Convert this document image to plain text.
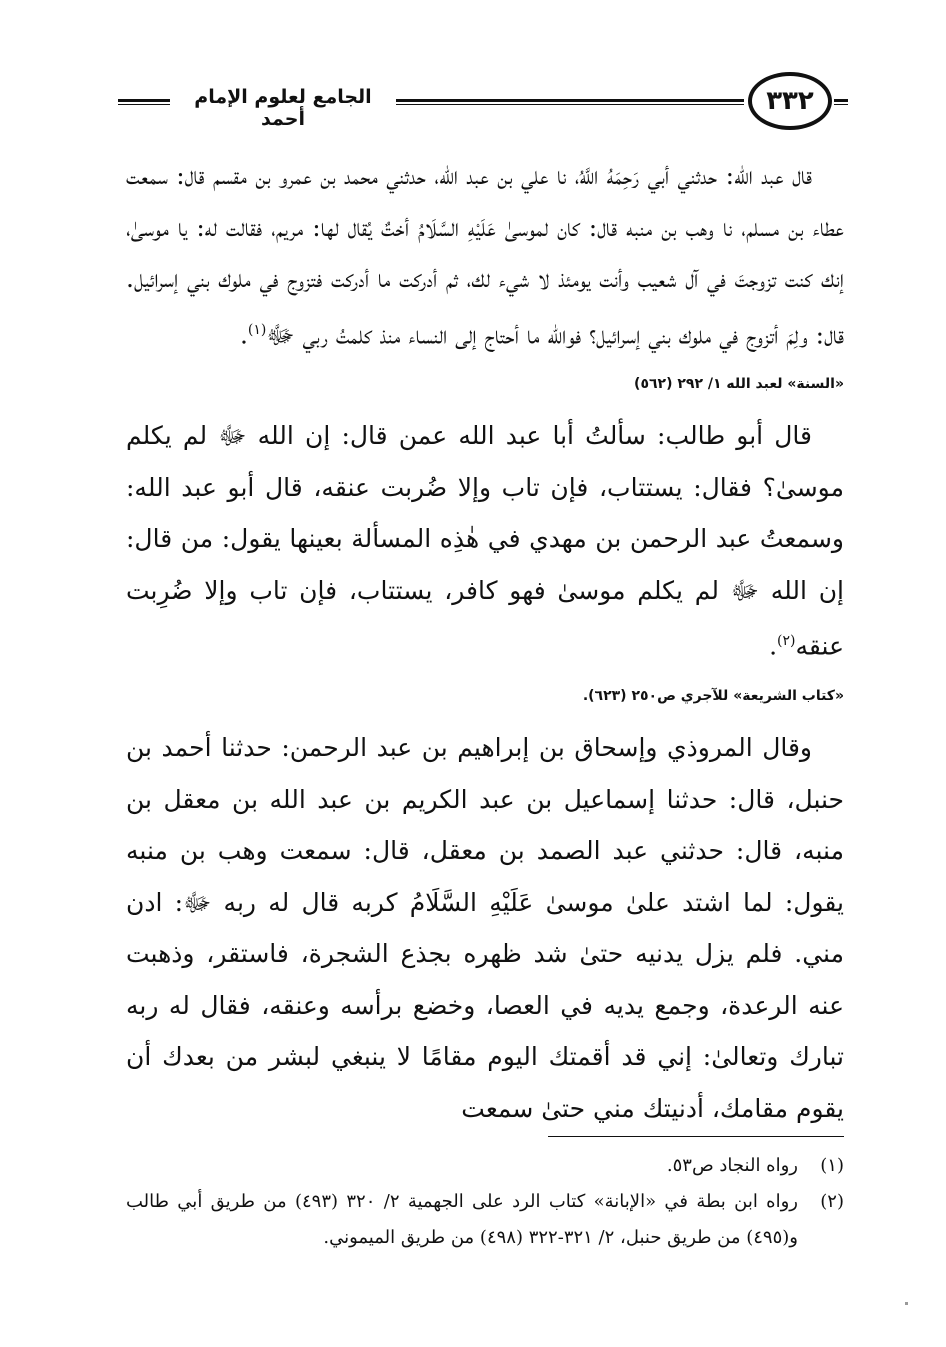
الجامع لعلوم الإمام أحمد
٣٣٢

قال عبد الله: حدثني أبي رَحِمَهُ اللَّهُ، نا علي بن عبد الله، حدثني محمد بن عمرو بن مقسم قال: سمعت عطاء بن مسلم، نا وهب بن منبه قال: كان لموسىٰ عَلَيْهِ السَّلَامُ أختٌ يُقال لها: مريم، فقالت له: يا موسىٰ، إنك كنت تزوجتَ في آل شعيب وأنت يومئذ لا شيء لك، ثم أدركت ما أدركت فتزوج في ملوك بني إسرائيل. قال: ولِمَ أتزوج في ملوك بني إسرائيل؟ فوالله ما أحتاج إلى النساء منذ كلمتُ ربي ﷻ$^{(١)}$.

«السنة» لعبد الله ١/ ٢٩٢ (٥٦٢)

قال أبو طالب: سألتُ أبا عبد الله عمن قال: إن الله ﷻ لم يكلم موسىٰ؟ فقال: يستتاب، فإن تاب وإلا ضُربت عنقه، قال أبو عبد الله: وسمعتُ عبد الرحمن بن مهدي في هٰذِه المسألة بعينها يقول: من قال: إن الله ﷻ لم يكلم موسىٰ فهو كافر، يستتاب، فإن تاب وإلا ضُرِبت عنقه$^{(٢)}$.

«كتاب الشريعة» للآجري ص٢٥٠ (٦٢٣).

وقال المروذي وإسحاق بن إبراهيم بن عبد الرحمن: حدثنا أحمد بن حنبل، قال: حدثنا إسماعيل بن عبد الكريم بن عبد الله بن معقل بن منبه، قال: حدثني عبد الصمد بن معقل، قال: سمعت وهب بن منبه يقول: لما اشتد علىٰ موسىٰ عَلَيْهِ السَّلَامُ كربه قال له ربه ﷻ: ادن مني. فلم يزل يدنيه حتىٰ شد ظهره بجذع الشجرة، فاستقر، وذهبت عنه الرعدة، وجمع يديه في العصا، وخضع برأسه وعنقه، فقال له ربه تبارك وتعالىٰ: إني قد أقمتك اليوم مقامًا لا ينبغي لبشر من بعدك أن يقوم مقامك، أدنيتك مني حتىٰ سمعت

(١)
رواه النجاد ص٥٣.

(٢)
رواه ابن بطة في «الإبانة» كتاب الرد على الجهمية ٢/ ٣٢٠ (٤٩٣) من طريق أبي طالب و(٤٩٥) من طريق حنبل، ٢/ ٣٢١-٣٢٢ (٤٩٨) من طريق الميموني.
